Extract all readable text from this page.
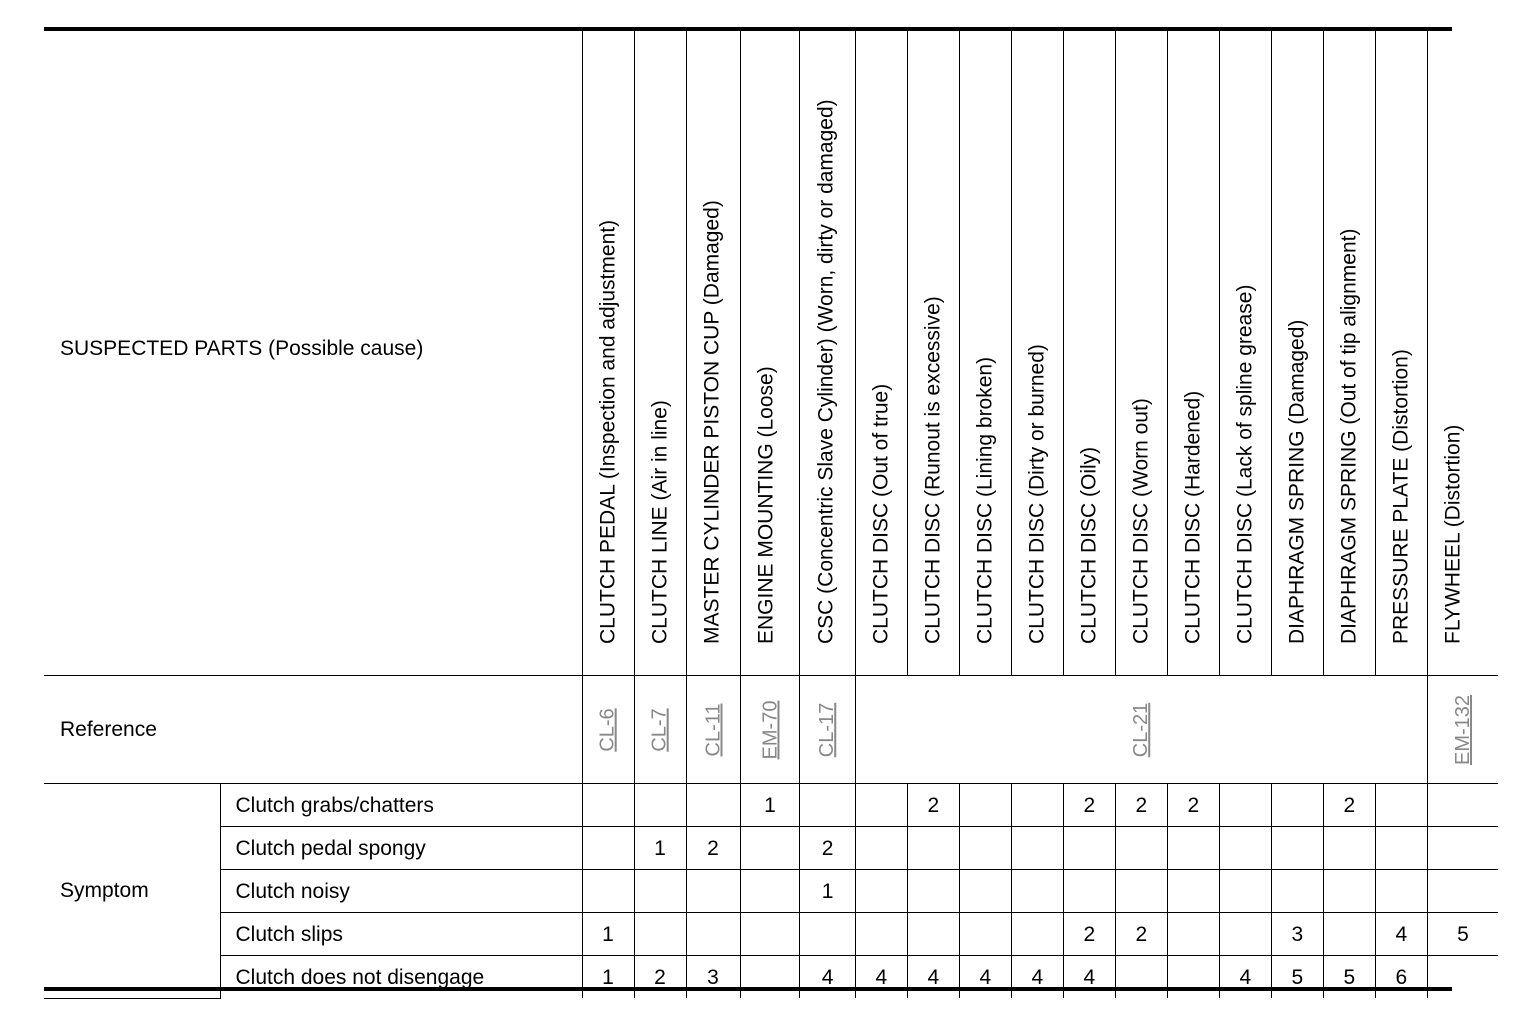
SUSPECTED PARTS (Possible cause)		CLUTCH PEDAL (Inspection and adjustment)	CLUTCH LINE (Air in line)	MASTER CYLINDER PISTON CUP (Damaged)	ENGINE MOUNTING (Loose)	CSC (Concentric Slave Cylinder) (Worn, dirty or damaged)	CLUTCH DISC (Out of true)	CLUTCH DISC (Runout is excessive)	CLUTCH DISC (Lining broken)	CLUTCH DISC (Dirty or burned)	CLUTCH DISC (Oily)	CLUTCH DISC (Worn out)	CLUTCH DISC (Hardened)	CLUTCH DISC (Lack of spline grease)	DIAPHRAGM SPRING (Damaged)	DIAPHRAGM SPRING (Out of tip alignment)	PRESSURE PLATE (Distortion)	FLYWHEEL (Distortion)

Reference		CL-6	CL-7	CL-11	EM-70	CL-17	CL-21											EM-132
Symptom	Clutch grabs/chatters				1			2			2	2	2			2		
	Clutch pedal spongy		1	2		2												
	Clutch noisy					1												
	Clutch slips	1									2	2			3		4	5
	Clutch does not disengage	1	2	3		4	4	4	4	4	4			4	5	5	6	
